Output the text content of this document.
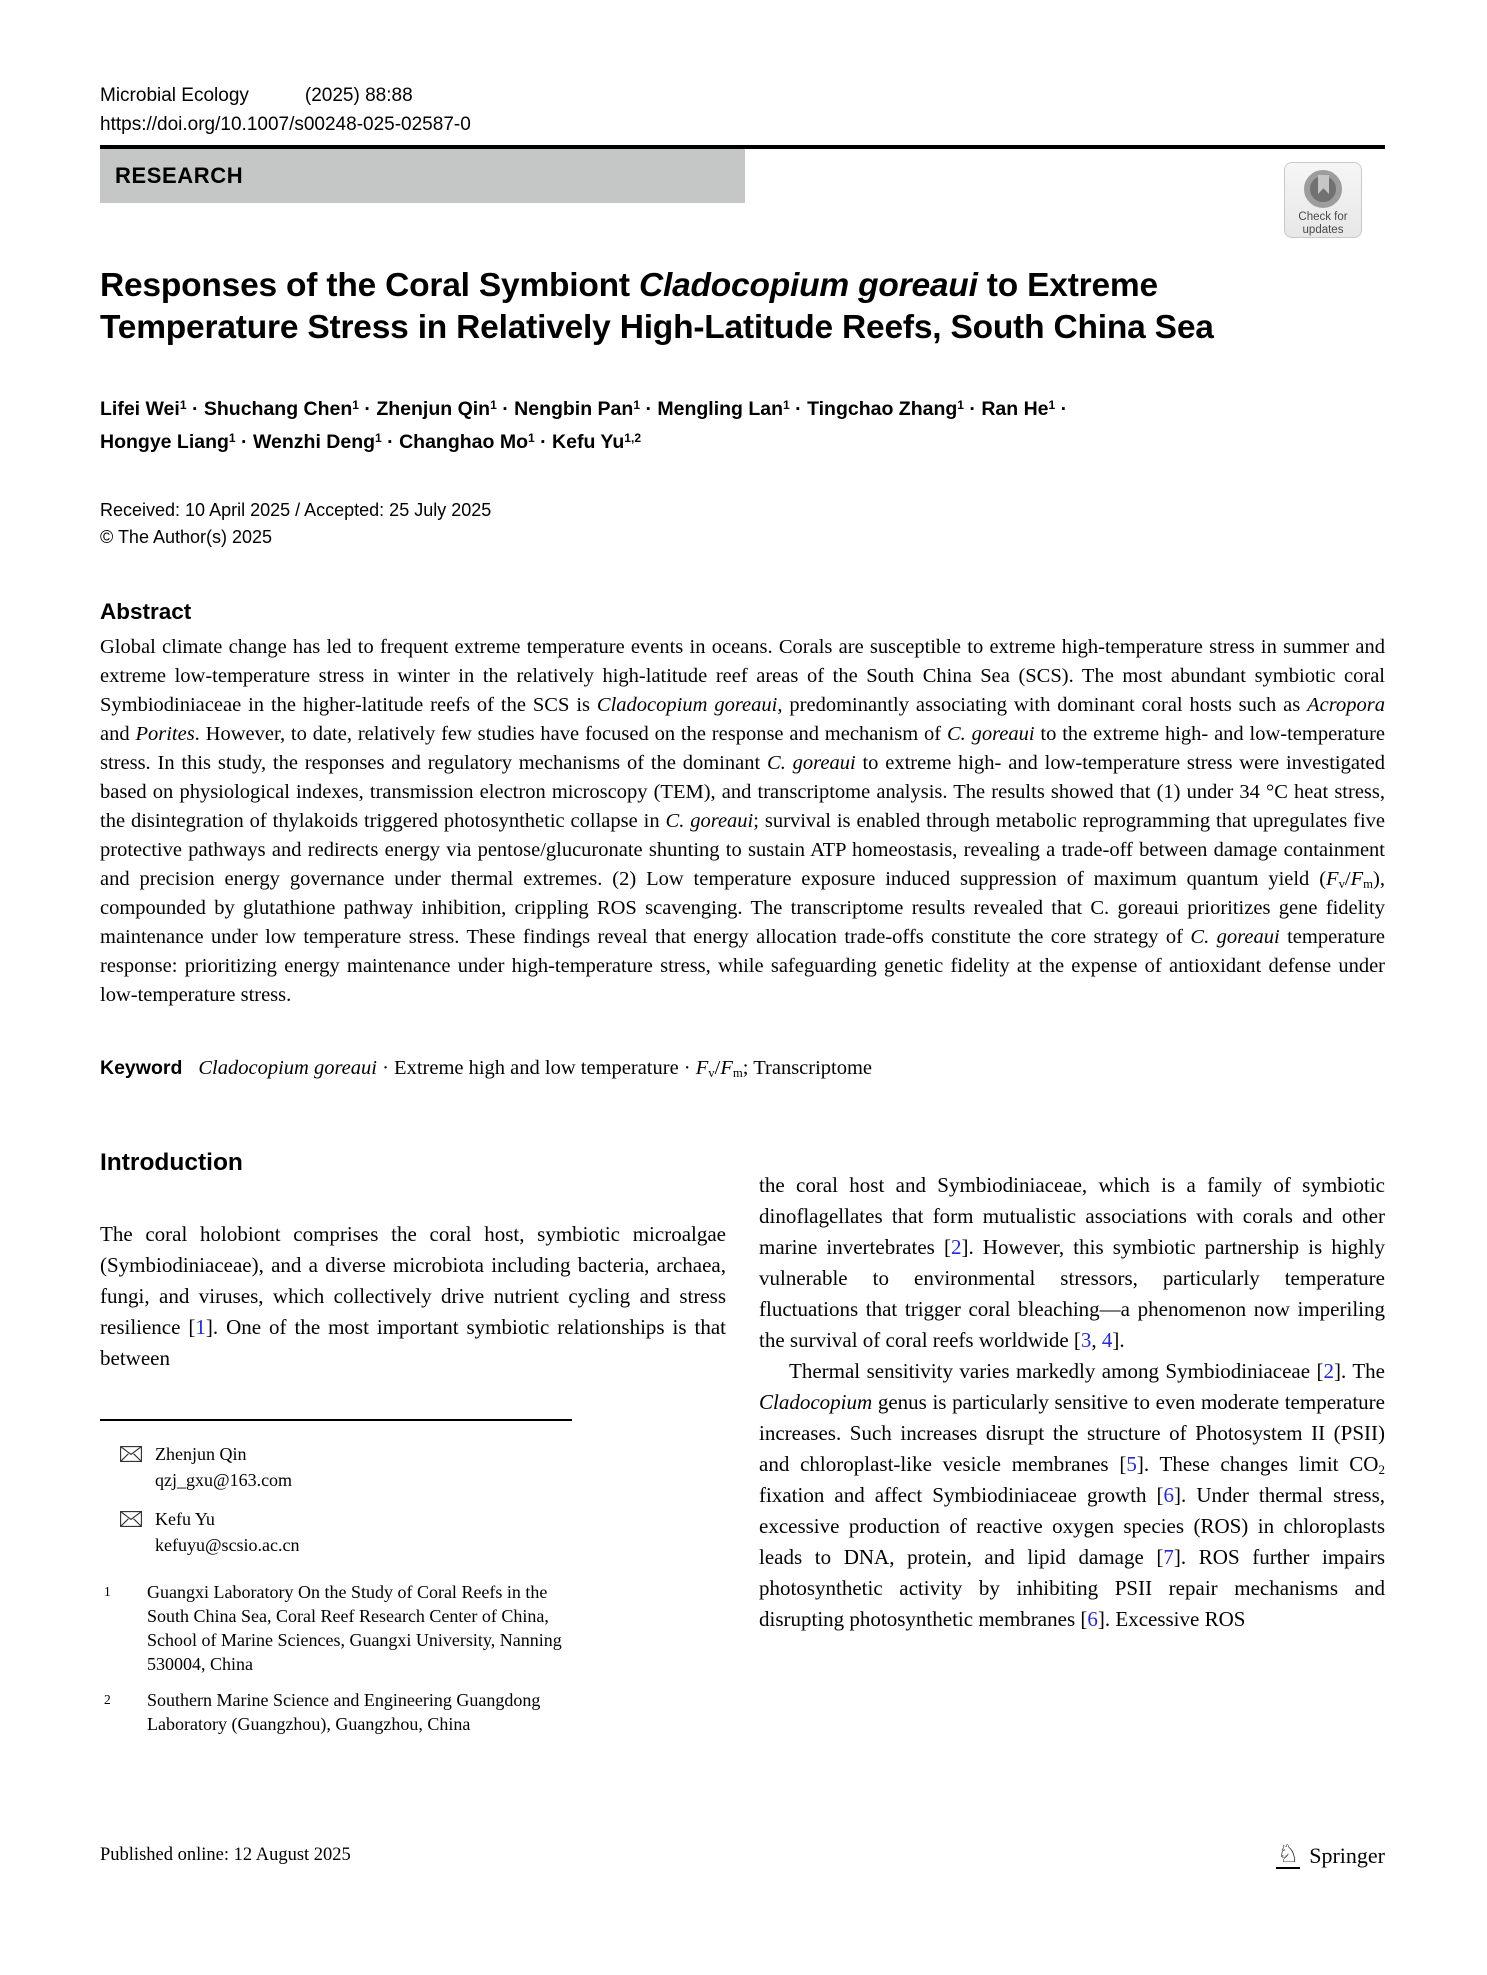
Microbial Ecology	(2025) 88:88
https://doi.org/10.1007/s00248-025-02587-0
RESEARCH
Check for
updates
Responses of the Coral Symbiont Cladocopium goreaui to Extreme
Temperature Stress in Relatively High-Latitude Reefs, South China Sea
Lifei Wei$^1$ · Shuchang Chen$^1$ · Zhenjun Qin$^1$ · Nengbin Pan$^1$ · Mengling Lan$^1$ · Tingchao Zhang$^1$ · Ran $He^1$ ·
Hongye Liang$^1$ · Wenzhi Deng$^1$ · Changhao $Mo^1$ · Kefu Yu$^{1,2}$
Received: 10 April 2025 / Accepted: 25 July 2025
© The Author(s) 2025
Abstract
Global climate change has led to frequent extreme temperature events in oceans. Corals are susceptible to extreme high-temperature stress in summer and extreme low-temperature stress in winter in the relatively high-latitude reef areas of the South China Sea (SCS). The most abundant symbiotic coral Symbiodiniaceae in the higher-latitude reefs of the SCS is Cladocopium goreaui, predominantly associating with dominant coral hosts such as Acropora and Porites. However, to date, relatively few studies have focused on the response and mechanism of C. goreaui to the extreme high- and low-temperature stress. In this study, the responses and regulatory mechanisms of the dominant C. goreaui to extreme high- and low-temperature stress were investigated based on physiological indexes, transmission electron microscopy (TEM), and transcriptome analysis. The results showed that (1) under 34 °C heat stress, the disintegration of thylakoids triggered photosynthetic collapse in C. goreaui; survival is enabled through metabolic reprogramming that upregulates five protective pathways and redirects energy via pentose/glucuronate shunting to sustain ATP homeostasis, revealing a trade-off between damage containment and precision energy governance under thermal extremes. (2) Low temperature exposure induced suppression of maximum quantum yield (Fv/Fm), compounded by glutathione pathway inhibition, crippling ROS scavenging. The transcriptome results revealed that C. goreaui prioritizes gene fidelity maintenance under low temperature stress. These findings reveal that energy allocation trade-offs constitute the core strategy of C. goreaui temperature response: prioritizing energy maintenance under high-temperature stress, while safeguarding genetic fidelity at the expense of antioxidant defense under low-temperature stress.
Keyword Cladocopium goreaui · Extreme high and low temperature · Fv/Fm; Transcriptome
Introduction

The coral holobiont comprises the coral host, symbiotic microalgae (Symbiodiniaceae), and a diverse microbiota including bacteria, archaea, fungi, and viruses, which collectively drive nutrient cycling and stress resilience [1]. One of the most important symbiotic relationships is that between

Zhenjun Qin
qzj_gxu@163.com
Kefu Yu
kefuyu@scsio.ac.cn
1	Guangxi Laboratory On the Study of Coral Reefs in the South China Sea, Coral Reef Research Center of China, School of Marine Sciences, Guangxi University, Nanning 530004, China
2	Southern Marine Science and Engineering Guangdong Laboratory (Guangzhou), Guangzhou, China

the coral host and Symbiodiniaceae, which is a family of symbiotic dinoflagellates that form mutualistic associations with corals and other marine invertebrates [2]. However, this symbiotic partnership is highly vulnerable to environmental stressors, particularly temperature fluctuations that trigger coral bleaching—a phenomenon now imperiling the survival of coral reefs worldwide [3, 4].

Thermal sensitivity varies markedly among Symbiodiniaceae [2]. The Cladocopium genus is particularly sensitive to even moderate temperature increases. Such increases disrupt the structure of Photosystem II (PSII) and chloroplast-like vesicle membranes [5]. These changes limit CO2 fixation and affect Symbiodiniaceae growth [6]. Under thermal stress, excessive production of reactive oxygen species (ROS) in chloroplasts leads to DNA, protein, and lipid damage [7]. ROS further impairs photosynthetic activity by inhibiting PSII repair mechanisms and disrupting photosynthetic membranes [6]. Excessive ROS

Published online: 12 August 2025	♘ Springer
